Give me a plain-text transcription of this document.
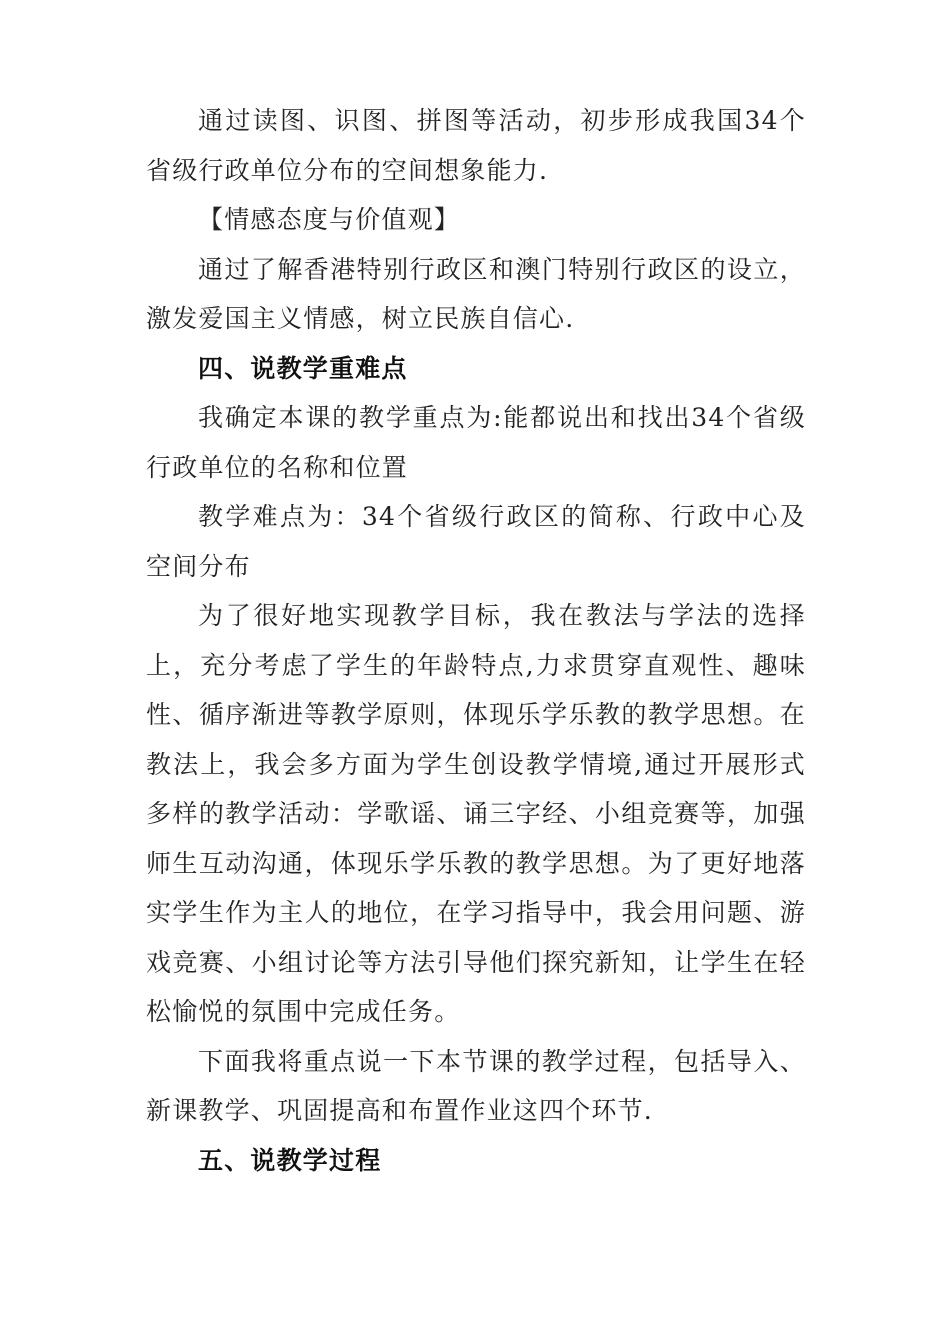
通过读图、识图、拼图等活动，初步形成我国34个省级行政单位分布的空间想象能力.

【情感态度与价值观】

通过了解香港特别行政区和澳门特别行政区的设立，激发爱国主义情感，树立民族自信心.

四、说教学重难点

我确定本课的教学重点为:能都说出和找出34个省级行政单位的名称和位置

教学难点为：34个省级行政区的简称、行政中心及空间分布

为了很好地实现教学目标，我在教法与学法的选择上，充分考虑了学生的年龄特点,力求贯穿直观性、趣味性、循序渐进等教学原则，体现乐学乐教的教学思想。在教法上，我会多方面为学生创设教学情境,通过开展形式多样的教学活动：学歌谣、诵三字经、小组竞赛等，加强师生互动沟通，体现乐学乐教的教学思想。为了更好地落实学生作为主人的地位，在学习指导中，我会用问题、游戏竞赛、小组讨论等方法引导他们探究新知，让学生在轻松愉悦的氛围中完成任务。

下面我将重点说一下本节课的教学过程，包括导入、新课教学、巩固提高和布置作业这四个环节.

五、说教学过程
